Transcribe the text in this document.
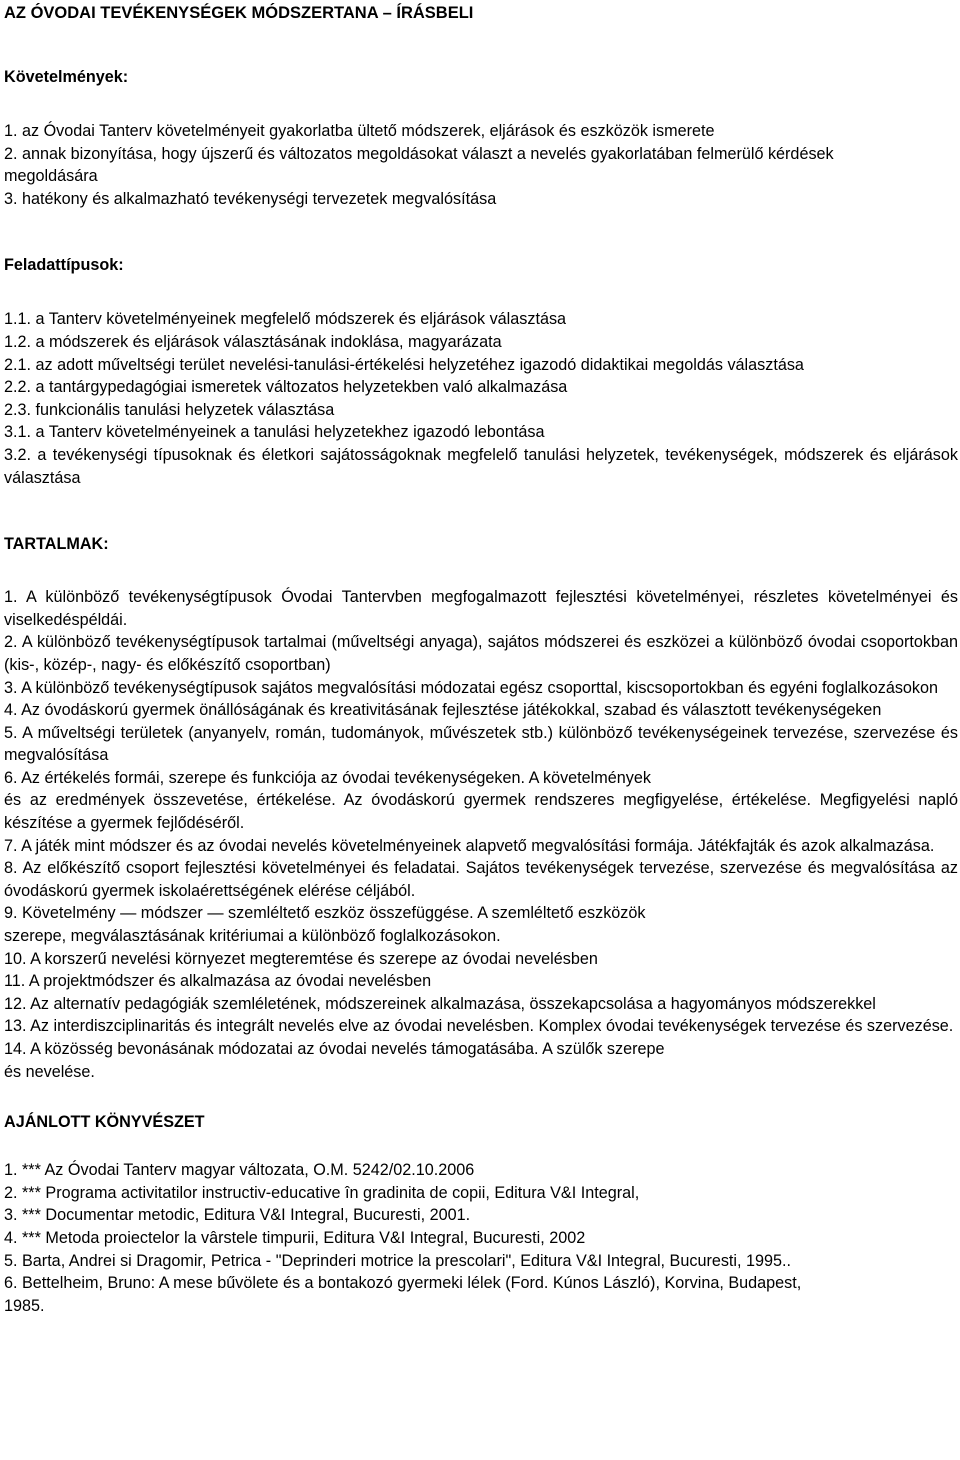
AZ ÓVODAI TEVÉKENYSÉGEK MÓDSZERTANA – ÍRÁSBELI

Követelmények:

1. az Óvodai Tanterv követelményeit gyakorlatba ültető módszerek, eljárások és eszközök ismerete

2. annak bizonyítása, hogy újszerű és változatos megoldásokat választ a nevelés gyakorlatában felmerülő kérdések megoldására

3. hatékony és alkalmazható tevékenységi tervezetek megvalósítása

Feladattípusok:

1.1. a Tanterv követelményeinek megfelelő módszerek és eljárások választása

1.2. a módszerek és eljárások választásának indoklása, magyarázata

2.1. az adott műveltségi terület nevelési-tanulási-értékelési helyzetéhez igazodó didaktikai megoldás választása

2.2. a tantárgypedagógiai ismeretek változatos helyzetekben való alkalmazása

2.3. funkcionális tanulási helyzetek választása

3.1. a Tanterv követelményeinek a tanulási helyzetekhez igazodó lebontása

3.2. a tevékenységi típusoknak és életkori sajátosságoknak megfelelő tanulási helyzetek, tevékenységek, módszerek és eljárások választása

TARTALMAK:

1. A különböző tevékenységtípusok Óvodai Tantervben megfogalmazott fejlesztési követelményei, részletes követelményei és viselkedéspéldái.

2. A különböző tevékenységtípusok tartalmai (műveltségi anyaga), sajátos módszerei és eszközei a különböző óvodai csoportokban (kis-, közép-, nagy- és előkészítő csoportban)

3. A különböző tevékenységtípusok sajátos megvalósítási módozatai egész csoporttal, kiscsoportokban és egyéni foglalkozásokon

4. Az óvodáskorú gyermek önállóságának és kreativitásának fejlesztése játékokkal, szabad és választott tevékenységeken

5. A műveltségi területek (anyanyelv, román, tudományok, művészetek stb.) különböző tevékenységeinek tervezése, szervezése és megvalósítása

6. Az értékelés formái, szerepe és funkciója az óvodai tevékenységeken. A követelmények

és az eredmények összevetése, értékelése. Az óvodáskorú gyermek rendszeres megfigyelése, értékelése. Megfigyelési napló készítése a gyermek fejlődéséről.

7. A játék mint módszer és az óvodai nevelés követelményeinek alapvető megvalósítási formája. Játékfajták és azok alkalmazása.

8. Az előkészítő csoport fejlesztési követelményei és feladatai. Sajátos tevékenységek tervezése, szervezése és megvalósítása az óvodáskorú gyermek iskolaérettségének elérése céljából.

9. Követelmény — módszer — szemléltető eszköz összefüggése. A szemléltető eszközök

szerepe, megválasztásának kritériumai a különböző foglalkozásokon.

10. A korszerű nevelési környezet megteremtése és szerepe az óvodai nevelésben

11. A projektmódszer és alkalmazása az óvodai nevelésben

12. Az alternatív pedagógiák szemléletének, módszereinek alkalmazása, összekapcsolása a hagyományos módszerekkel

13. Az interdiszciplinaritás és integrált nevelés elve az óvodai nevelésben. Komplex óvodai tevékenységek tervezése és szervezése.

14. A közösség bevonásának módozatai az óvodai nevelés támogatásába. A szülők szerepe

és nevelése.

AJÁNLOTT KÖNYVÉSZET

1. *** Az Óvodai Tanterv magyar változata, O.M. 5242/02.10.2006

2. *** Programa activitatilor instructiv-educative în gradinita de copii, Editura V&I Integral,

3. *** Documentar metodic, Editura V&I Integral, Bucuresti, 2001.

4. *** Metoda proiectelor la vârstele timpurii, Editura V&I Integral, Bucuresti, 2002

5. Barta, Andrei si Dragomir, Petrica - "Deprinderi motrice la prescolari", Editura V&I Integral, Bucuresti, 1995..

6. Bettelheim, Bruno: A mese bűvölete és a bontakozó gyermeki lélek (Ford. Kúnos László), Korvina, Budapest, 1985.
